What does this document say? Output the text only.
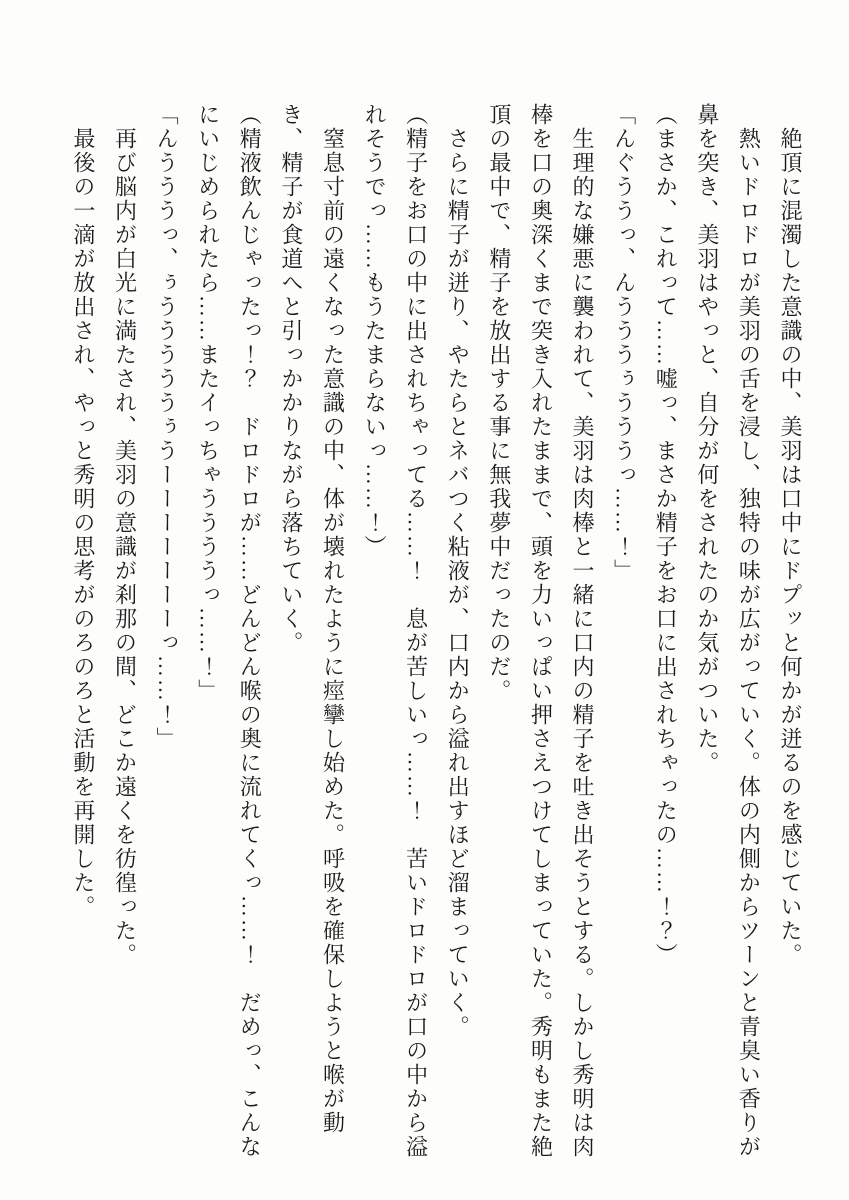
　絶頂に混濁した意識の中、美羽は口中にドプッと何かが迸るのを感じていた。

　熱いドロドロが美羽の舌を浸し、独特の味が広がっていく。体の内側からツーンと青臭い香りが鼻を突き、美羽はやっと、自分が何をされたのか気がついた。

（まさか、これって……嘘っ、まさか精子をお口に出されちゃったの……！？）

「んぐううっ、んうううぅうううっ……！」

　生理的な嫌悪に襲われて、美羽は肉棒と一緒に口内の精子を吐き出そうとする。しかし秀明は肉棒を口の奥深くまで突き入れたままで、頭を力いっぱい押さえつけてしまっていた。秀明もまた絶頂の最中で、精子を放出する事に無我夢中だったのだ。

　さらに精子が迸り、やたらとネバつく粘液が、口内から溢れ出すほど溜まっていく。

（精子をお口の中に出されちゃってる……！　息が苦しいっ……！　苦いドロドロが口の中から溢れそうでっ……もうたまらないっ……！）

　窒息寸前の遠くなった意識の中、体が壊れたように痙攣し始めた。呼吸を確保しようと喉が動き、精子が食道へと引っかかりながら落ちていく。

（精液飲んじゃったっ！？　ドロドロが……どんどん喉の奥に流れてくっ……！　だめっ、こんなにいじめられたら……またイっちゃううううっ……！」

「んうううっ、ぅうううううぅうーーーーーーーっ……！」

　再び脳内が白光に満たされ、美羽の意識が刹那の間、どこか遠くを彷徨った。

　最後の一滴が放出され、やっと秀明の思考がのろのろと活動を再開した。
